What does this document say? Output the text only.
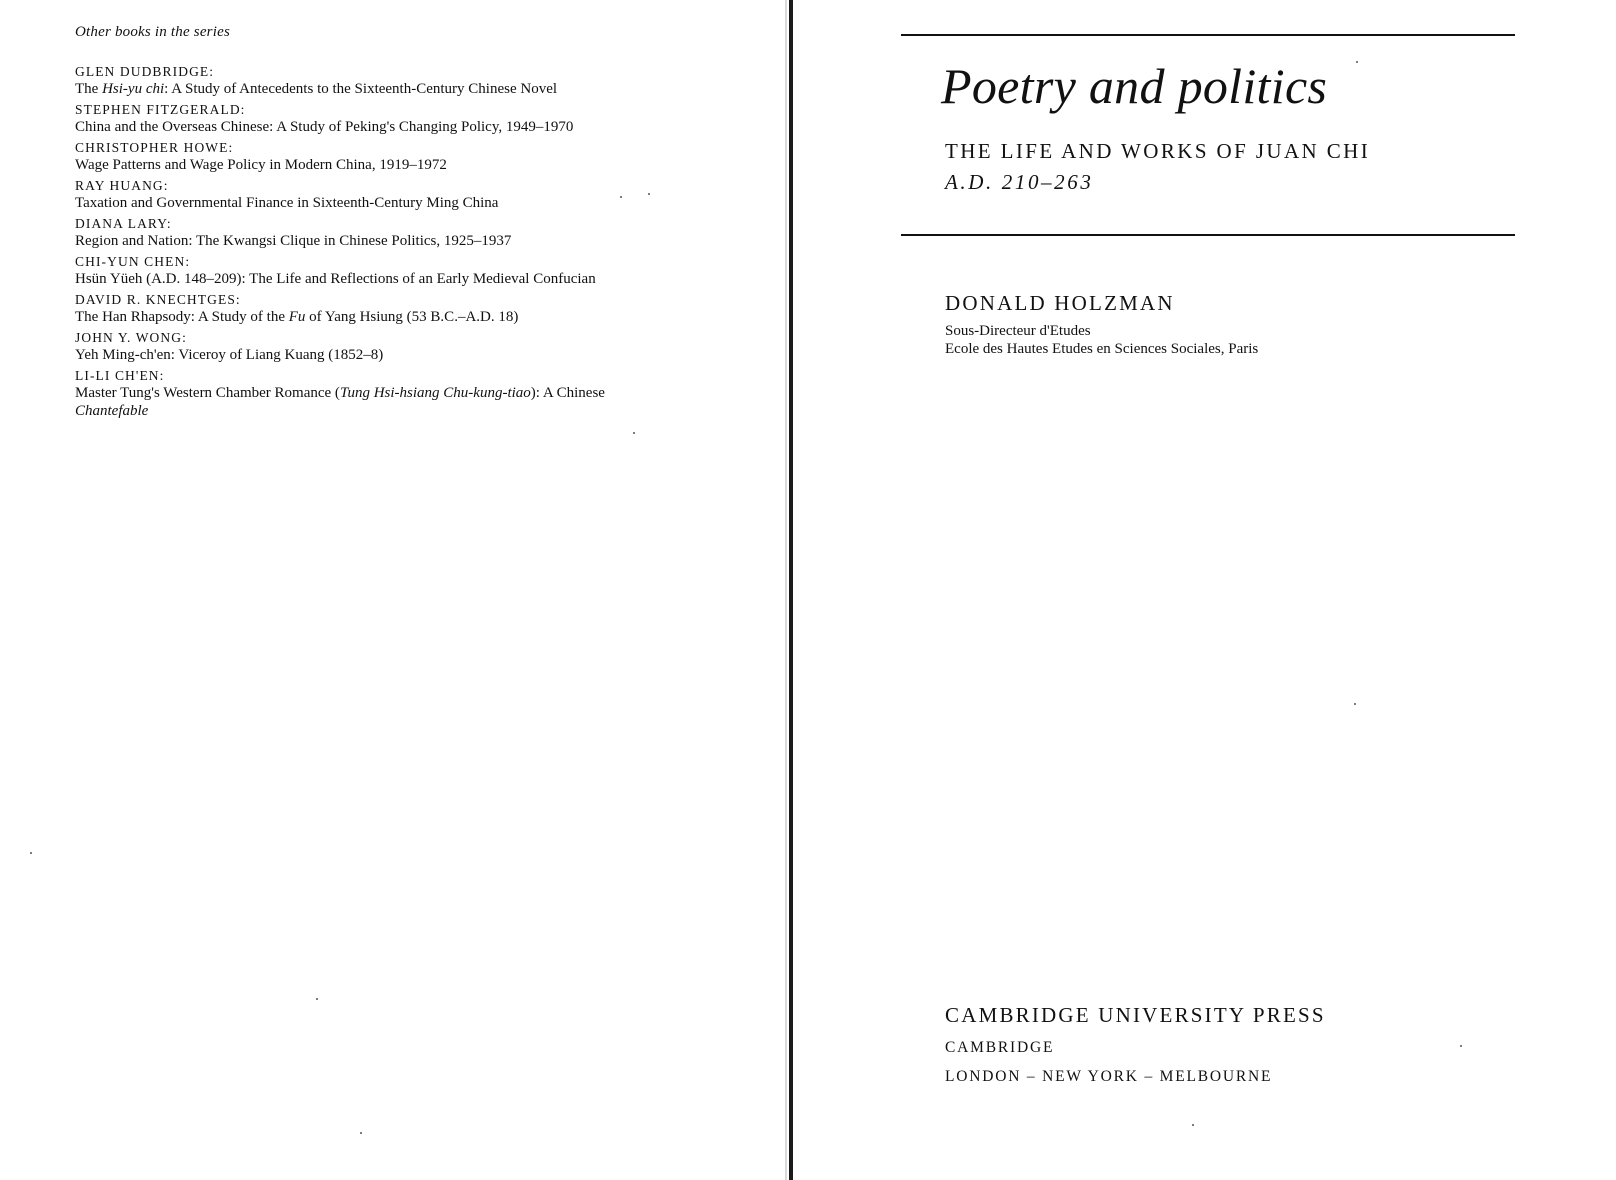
Other books in the series
GLEN DUDBRIDGE:
The Hsi-yu chi: A Study of Antecedents to the Sixteenth-Century Chinese Novel
STEPHEN FITZGERALD:
China and the Overseas Chinese: A Study of Peking's Changing Policy, 1949–1970
CHRISTOPHER HOWE:
Wage Patterns and Wage Policy in Modern China, 1919–1972
RAY HUANG:
Taxation and Governmental Finance in Sixteenth-Century Ming China
DIANA LARY:
Region and Nation: The Kwangsi Clique in Chinese Politics, 1925–1937
CHI-YUN CHEN:
Hsün Yüeh (A.D. 148–209): The Life and Reflections of an Early Medieval Confucian
DAVID R. KNECHTGES:
The Han Rhapsody: A Study of the Fu of Yang Hsiung (53 B.C.–A.D. 18)
JOHN Y. WONG:
Yeh Ming-ch'en: Viceroy of Liang Kuang (1852–8)
LI-LI CH'EN:
Master Tung's Western Chamber Romance (Tung Hsi-hsiang Chu-kung-tiao): A Chinese Chantefable
Poetry and politics
THE LIFE AND WORKS OF JUAN CHI
A.D. 210–263
DONALD HOLZMAN
Sous-Directeur d'Etudes
Ecole des Hautes Etudes en Sciences Sociales, Paris
CAMBRIDGE UNIVERSITY PRESS
CAMBRIDGE
LONDON – NEW YORK – MELBOURNE
